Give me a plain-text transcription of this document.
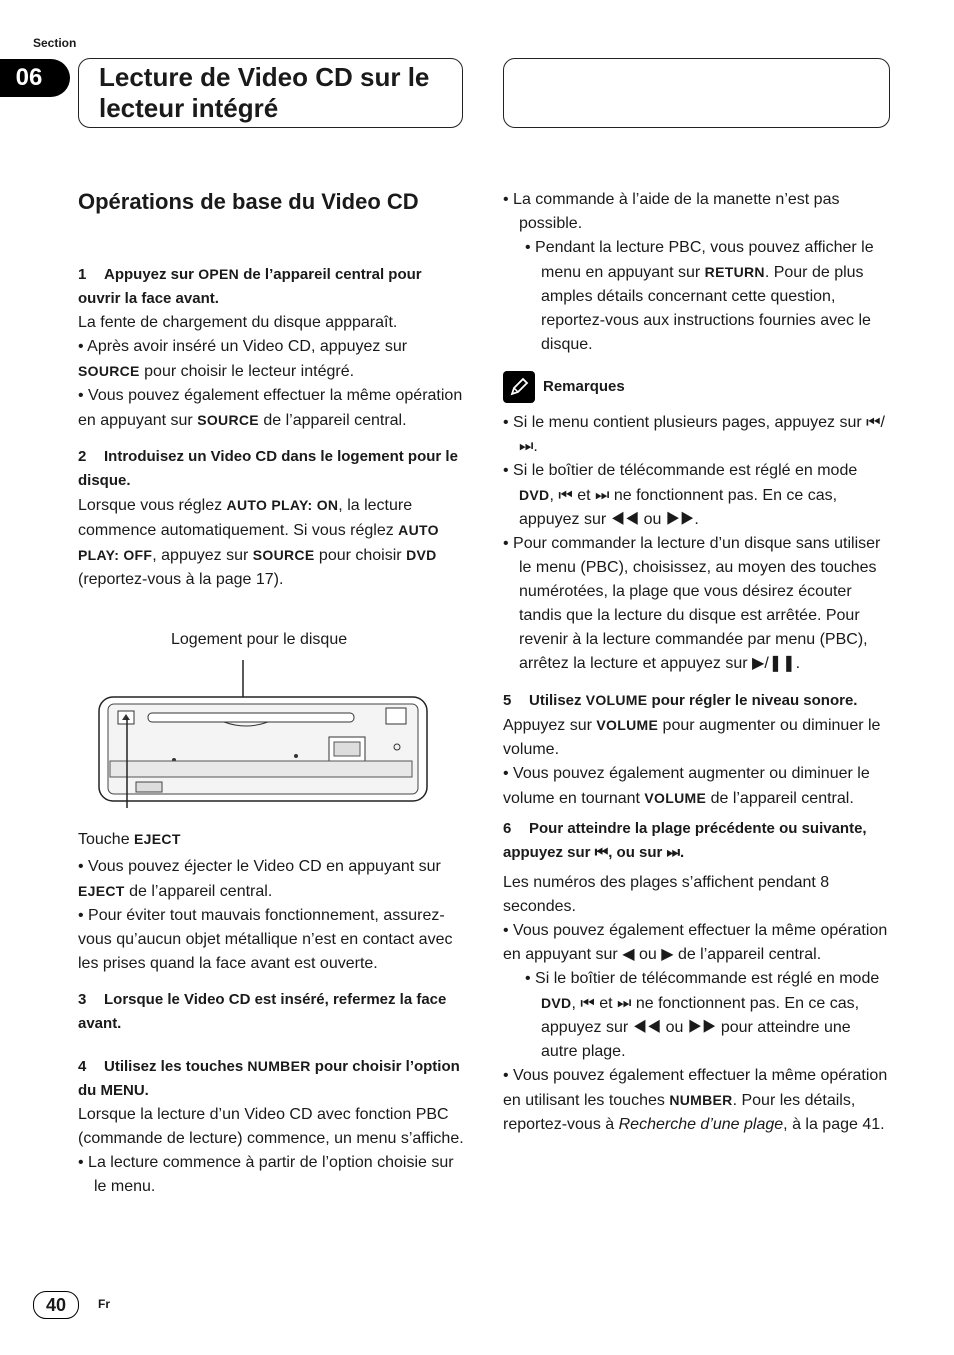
Section
06	Lecture de Video CD sur le
lecteur intégré
Opérations de base du Video CD

1 Appuyez sur OPEN de l’appareil central pour ouvrir la face avant.

La fente de chargement du disque appparaît.

• Après avoir inséré un Video CD, appuyez sur SOURCE pour choisir le lecteur intégré.

• Vous pouvez également effectuer la même opération en appuyant sur SOURCE de l’appareil central.

2 Introduisez un Video CD dans le logement pour le disque.

Lorsque vous réglez AUTO PLAY: ON, la lecture commence automatiquement. Si vous réglez AUTO PLAY: OFF, appuyez sur SOURCE pour choisir DVD (reportez-vous à la page 17).

Logement pour le disque
Touche EJECT

• Vous pouvez éjecter le Video CD en appuyant sur EJECT de l’appareil central.

• Pour éviter tout mauvais fonctionnement, assurez-vous qu’aucun objet métallique n’est en contact avec les prises quand la face avant est ouverte.

3 Lorsque le Video CD est inséré, refermez la face avant.

4 Utilisez les touches NUMBER pour choisir l’option du MENU.

Lorsque la lecture d’un Video CD avec fonction PBC (commande de lecture) commence, un menu s’affiche.

• La lecture commence à partir de l’option choisie sur le menu.

• La commande à l’aide de la manette n’est pas possible.

• Pendant la lecture PBC, vous pouvez afficher le menu en appuyant sur RETURN. Pour de plus amples détails concernant cette question, reportez-vous aux instructions fournies avec le disque.

Remarques

• Si le menu contient plusieurs pages, appuyez sur ⏮/⏭.

• Si le boîtier de télécommande est réglé en mode DVD, ⏮ et ⏭ ne fonctionnent pas. En ce cas, appuyez sur ◀◀ ou ▶▶.

• Pour commander la lecture d’un disque sans utiliser le menu (PBC), choisissez, au moyen des touches numérotées, la plage que vous désirez écouter tandis que la lecture du disque est arrêtée. Pour revenir à la lecture commandée par menu (PBC), arrêtez la lecture et appuyez sur ▶/❚❚.

5 Utilisez VOLUME pour régler le niveau sonore.

Appuyez sur VOLUME pour augmenter ou diminuer le volume.

• Vous pouvez également augmenter ou diminuer le volume en tournant VOLUME de l’appareil central.

6 Pour atteindre la plage précédente ou suivante, appuyez sur ⏮, ou sur ⏭.

Les numéros des plages s’affichent pendant 8 secondes.

• Vous pouvez également effectuer la même opération en appuyant sur ◀ ou ▶ de l’appareil central.

• Si le boîtier de télécommande est réglé en mode DVD, ⏮ et ⏭ ne fonctionnent pas. En ce cas, appuyez sur ◀◀ ou ▶▶ pour atteindre une autre plage.

• Vous pouvez également effectuer la même opération en utilisant les touches NUMBER. Pour les détails, reportez-vous à Recherche d’une plage, à la page 41.

40	Fr
